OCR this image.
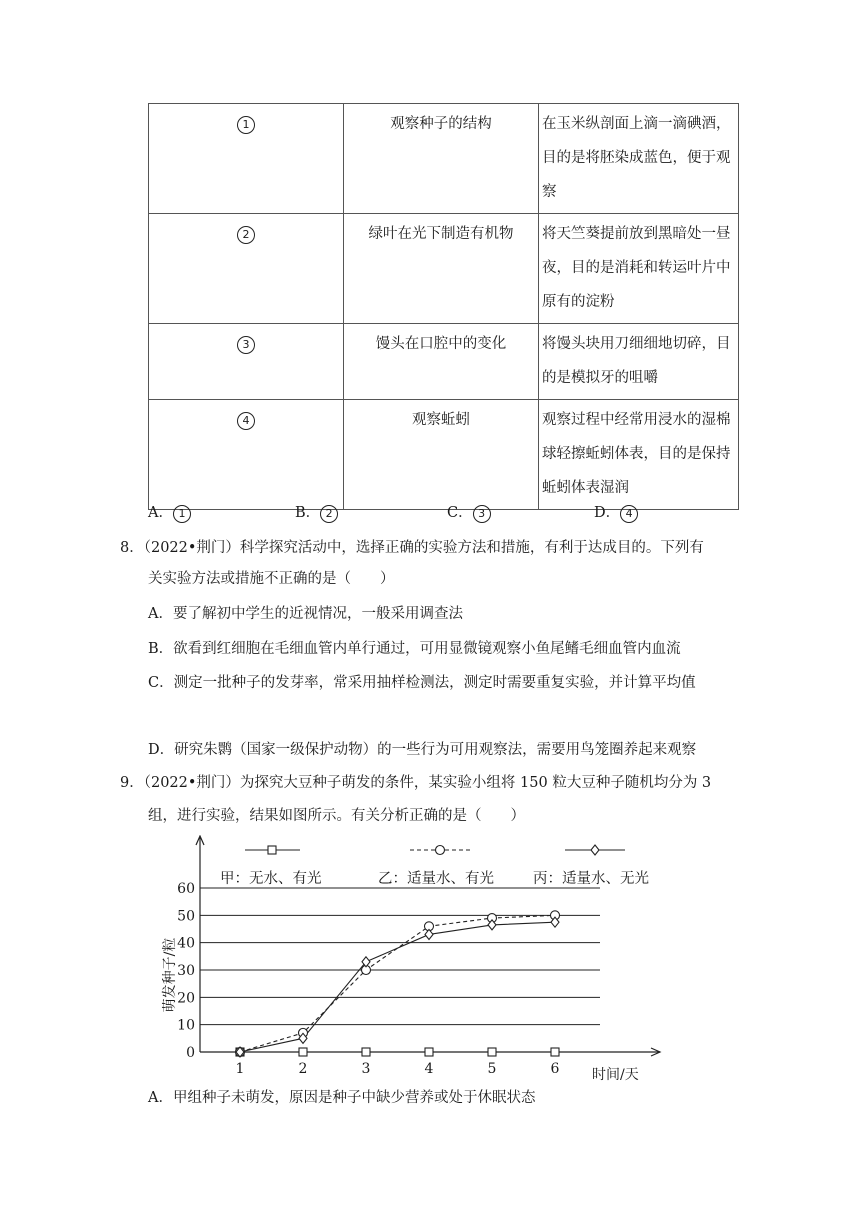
1	观察种子的结构	在玉米纵剖面上滴一滴碘酒，目的是将胚染成蓝色，便于观察
2	绿叶在光下制造有机物	将天竺葵提前放到黑暗处一昼夜，目的是消耗和转运叶片中原有的淀粉
3	馒头在口腔中的变化	将馒头块用刀细细地切碎，目的是模拟牙的咀嚼
4	观察蚯蚓	观察过程中经常用浸水的湿棉球轻擦蚯蚓体表，目的是保持蚯蚓体表湿润
A． 1	B． 2	C． 3	D． 4
8．（2022•荆门）科学探究活动中，选择正确的实验方法和措施，有利于达成目的。下列有
关实验方法或措施不正确的是（　　）
A．要了解初中学生的近视情况，一般采用调查法
B．欲看到红细胞在毛细血管内单行通过，可用显微镜观察小鱼尾鳍毛细血管内血流
C．测定一批种子的发芽率，常采用抽样检测法，测定时需要重复实验，并计算平均值
D．研究朱鹮（国家一级保护动物）的一些行为可用观察法，需要用鸟笼圈养起来观察
9．（2022•荆门）为探究大豆种子萌发的条件，某实验小组将 150 粒大豆种子随机均分为 3
组，进行实验，结果如图所示。有关分析正确的是（　　）
0
10
20
30
40
50
60
1	2	3	4	5	6 时间/天
萌发种子/粒
甲：无水、有光	乙：适量水、有光	丙：适量水、无光
A．甲组种子未萌发，原因是种子中缺少营养或处于休眠状态
